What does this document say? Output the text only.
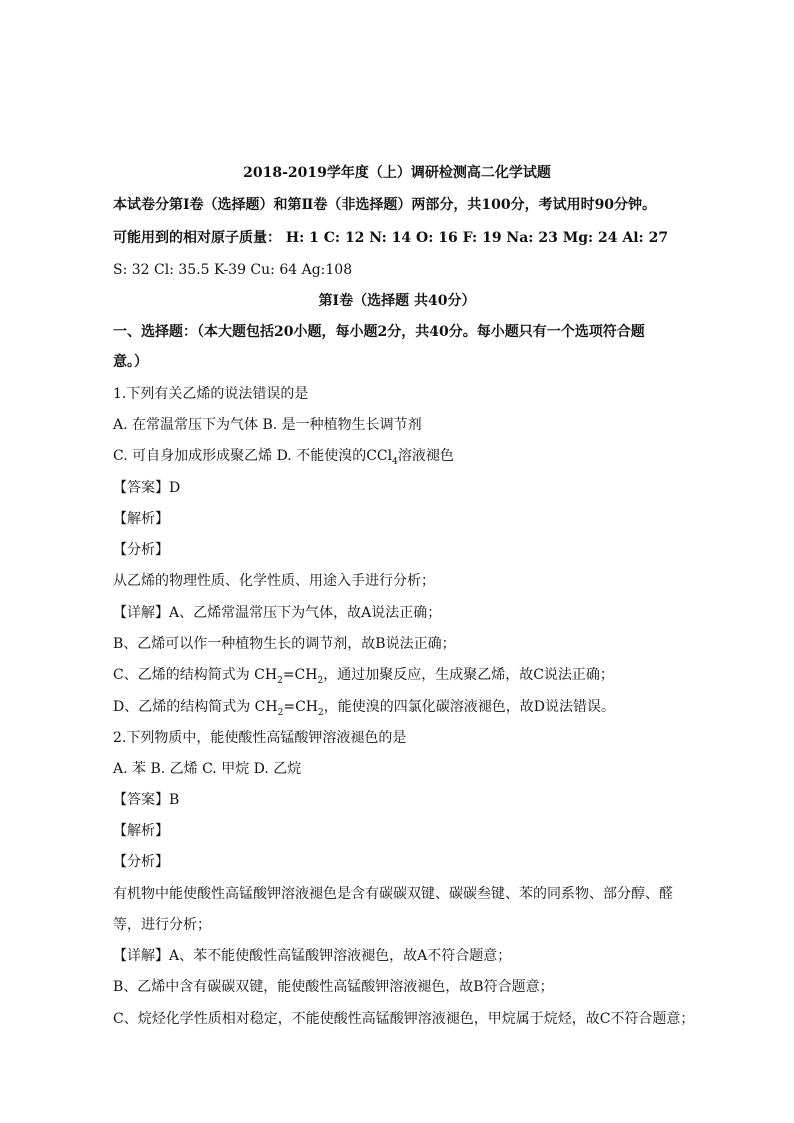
2018-2019学年度（上）调研检测高二化学试题
本试卷分第Ⅰ卷（选择题）和第Ⅱ卷（非选择题）两部分，共100分，考试用时90分钟。
可能用到的相对原子质量： H: 1 C: 12 N: 14 O: 16 F: 19 Na: 23 Mg: 24 Al: 27
S: 32 Cl: 35.5 K-39 Cu: 64 Ag:108
第Ⅰ卷（选择题 共40分）
一、选择题：（本大题包括20小题，每小题2分，共40分。每小题只有一个选项符合题
意。）
1.下列有关乙烯的说法错误的是
A. 在常温常压下为气体 B. 是一种植物生长调节剂
C. 可自身加成形成聚乙烯 D. 不能使溴的CCl$_4$溶液褪色
【答案】D
【解析】
【分析】
从乙烯的物理性质、化学性质、用途入手进行分析；
【详解】A、乙烯常温常压下为气体，故A说法正确；
B、乙烯可以作一种植物生长的调节剂，故B说法正确；
C、乙烯的结构简式为 $CH_2=CH_2$，通过加聚反应，生成聚乙烯，故C说法正确；
D、乙烯的结构简式为 $CH_2=CH_2$，能使溴的四氯化碳溶液褪色，故D说法错误。
2.下列物质中，能使酸性高锰酸钾溶液褪色的是
A. 苯 B. 乙烯 C. 甲烷 D. 乙烷
【答案】B
【解析】
【分析】
有机物中能使酸性高锰酸钾溶液褪色是含有碳碳双键、碳碳叁键、苯的同系物、部分醇、醛
等，进行分析；
【详解】A、苯不能使酸性高锰酸钾溶液褪色，故A不符合题意；
B、乙烯中含有碳碳双键，能使酸性高锰酸钾溶液褪色，故B符合题意；
C、烷烃化学性质相对稳定，不能使酸性高锰酸钾溶液褪色，甲烷属于烷烃，故C不符合题意；
